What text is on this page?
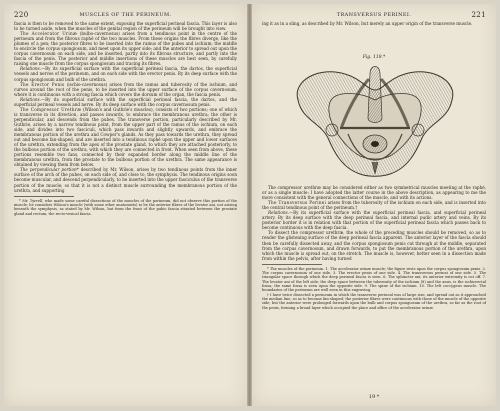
220	MUSCLES OF THE PERINEUM.

fascia is then to be removed to the same extent, exposing the superficial perineal fascia. This layer is also to be turned aside, when the muscles of the genital region of the perineum will be brought into view.

The Accelerator Urinæ (bulbo-cavernosus) arises from a tendinous point in the centre of the perineum and from the fibrous raphé of the two muscles. From these origins the fibres diverge, like the plumes of a pen; the posterior fibres to be inserted into the ramus of the pubes and ischium; the middle to encircle the corpus spongiosum, and meet upon its upper side; and the anterior to spread out upon the corpus cavernosum on each side, and be inserted, partly into its fibrous structure, and partly into the fascia of the penis. The posterior and middle insertions of these muscles are best seen, by carefully raising one muscle from the corpus spongiosum and tracing its fibres.

Relations.—By its superficial surface with the superficial perineal fascia, the dartos, the superficial vessels and nerves of the perineum, and on each side with the erector penis. By its deep surface with the corpus spongiosum and bulb of the urethra.

The Erector Penis (ischio-cavernosus) arises from the ramus and tuberosity of the ischium, and curves around the root of the penis, to be inserted into the upper surface of the corpus cavernosum, where it is continuous with a strong fascia which covers the dorsum of the organ, the fascia penis.

Relations.—By its superficial surface with the superficial perineal fascia, the dartos, and the superficial perineal vessels and nerve. By its deep surface with the corpus cavernosum penis.

The Compressor Urethræ (Wilson's and Guthrie's muscles), consists of two portions; one of which is transverse in its direction, and passes inwards, to embrace the membranous urethra; the other is perpendicular, and descends from the pubes. The transverse portion, particularly described by Mr. Guthrie, arises by a narrow tendinous point, from the upper part of the ramus of the ischium, on each side, and divides into two fasciculi, which pass inwards and slightly upwards, and embrace the membranous portion of the urethra and Cowper's glands. As they pass towards the urethra, they spread out and become fan-shaped, and are inserted into a tendinous raphé upon the upper and lower surfaces of the urethra, extending from the apex of the prostate gland, to which they are attached posteriorly, to the bulbous portion of the urethra, with which they are connected in front. When seen from above, these portions resemble two fans, connected by their expanded border along the middle line of the membranous urethra, from the prostate to the bulbous portion of the urethra. The same appearance is obtained by viewing them from below.

The perpendicular portion* described by Mr. Wilson, arises by two tendinous points from the inner surface of the arch of the pubes, on each side of, and close to, the symphysis. The tendinous origins soon become muscular, and descend perpendicularly, to be inserted into the upper fasciculus of the transverse portion of the muscle; so that it is not a distinct muscle surrounding the membranous portion of the urethra, and supporting

* Mr. Tyrrell, who made some careful dissections of the muscles of the perineum, did not observe this portion of the muscle; he considers Wilson's muscle (with some other anatomists) to be the anterior fibres of the levator ani, not arising beneath the symphysis, as stated by Mr. Wilson, but from the front of the pubic fascia situated between the prostate gland and rectum, the recto-vesical fascia.

TRANSVERSUS PERINEI.	221

ing it as in a sling, as described by Mr. Wilson, but merely an upper origin of the transverse muscle.

Fig. 118.*

The compressor urethræ may be considered either as two symmetrical muscles meeting at the raphé, or as a single muscle: I have adopted the latter course in the above description, as appearing to me the more consistent with the general connections of the muscle, and with its actions.

The Transversus Perinei arises from the tuberosity of the ischium on each side, and is inserted into the central tendinous point of the perineum.†

Relations.—By its superficial surface with the superficial perineal fascia, and superficial perineal artery. By its deep surface with the deep perineal fascia, and internal pudic artery and veins. By its posterior border it is in relation with that portion of the superficial perineal fascia which passes back to become continuous with the deep fascia.

To dissect the compressor urethræ, the whole of the preceding muscles should be removed, so as to render the glistening surface of the deep perineal fascia apparent. The anterior layer of the fascia should then be carefully dissected away, and the corpus spongiosum penis cut through at the middle, separated from the corpus cavernosum, and drawn forwards, to put the membranous portion of the urethra, upon which the muscle is spread out, on the stretch. The muscle is, however, better seen in a dissection made from within the pelvis, after having turned

* The muscles of the perineum. 1. The accelerator urinæ muscle; the figure rests upon the corpus spongiosum penis. 2. The corpus cavernosum of one side. 3. The erector penis of one side. 4. The transversus perinei of one side. 5. The triangular space through which the deep perineal fascia is seen. 6. The sphincter ani; its anterior extremity is cut off. 7. The levator ani of the left side; the deep space between the tuberosity of the ischium (8) and the anus, is the ischiorectal fossa; the same fossa is seen upon the opposite side. 9. The spine of the ischium. 10. The left coccygeus muscle. The boundaries of the perineum are well seen in this engraving.

† I have twice dissected a perineum in which the transverse perineal was of large size, and spread out as it approached the median line, so as to become fan-shaped; the posterior fibres were continuous with those of the muscle of the opposite side; but the anterior were prolonged forwards upon the bulb and corpus spongiosum of the urethra, so far as the root of the penis, forming a broad layer which occupied the place and office of the accelerator urinæ.

19 *
